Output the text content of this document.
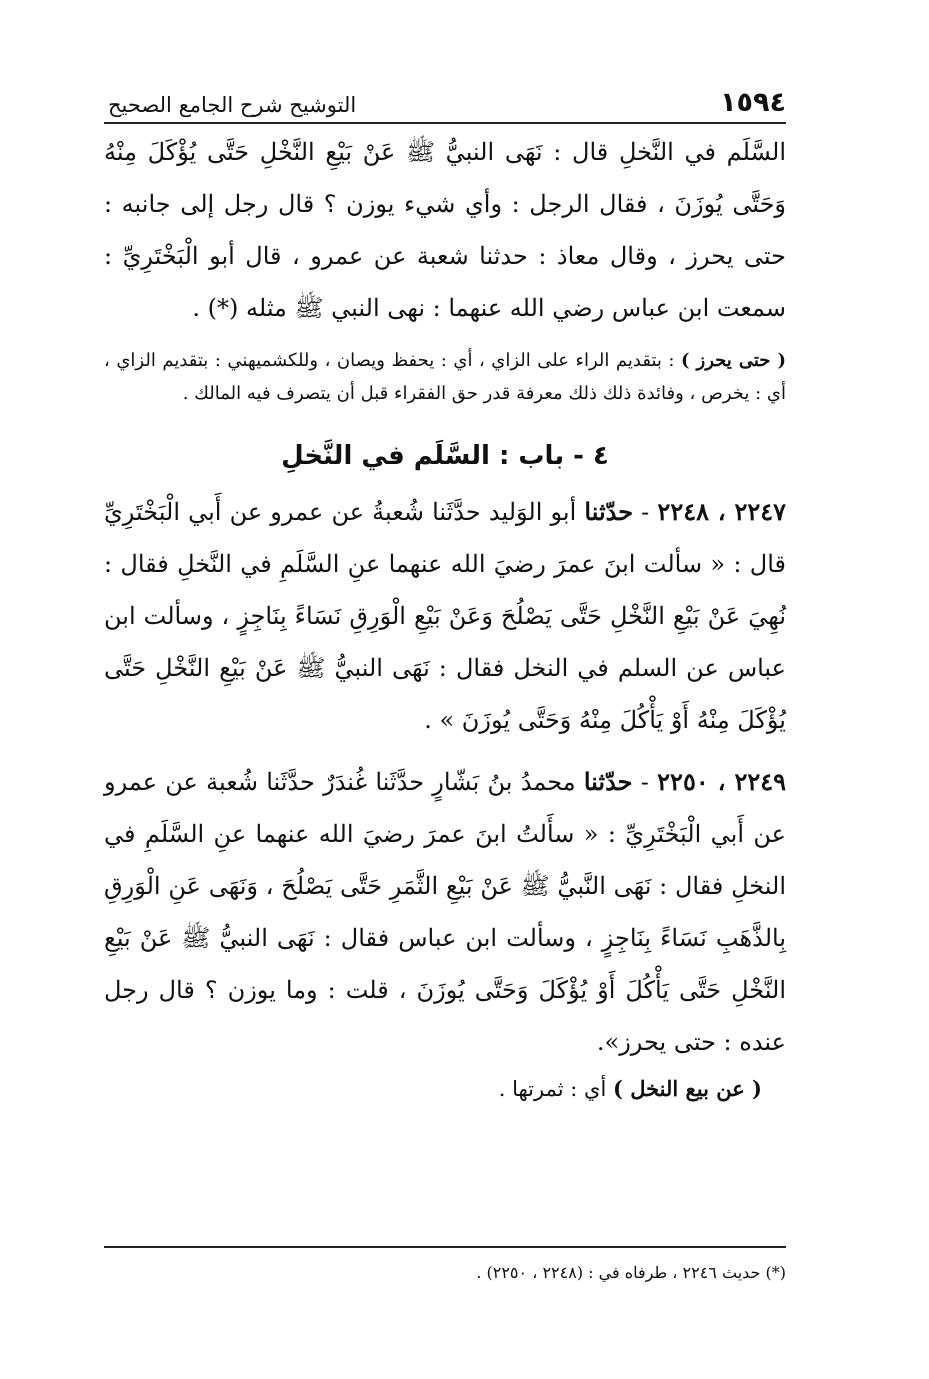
١٥٩٤
التوشيح شرح الجامع الصحيح

السَّلَم في النَّخلِ قال : نَهَى النبيُّ ﷺ عَنْ بَيْعِ النَّخْلِ حَتَّى يُؤْكَلَ مِنْهُ وَحَتَّى يُوزَنَ ، فقال الرجل : وأي شيء يوزن ؟ قال رجل إلى جانبه : حتى يحرز ، وقال معاذ : حدثنا شعبة عن عمرو ، قال أبو الْبَخْتَرِيِّ : سمعت ابن عباس رضي الله عنهما : نهى النبي ﷺ مثله (*) .

( حتى يحرز ) : بتقديم الراء على الزاي ، أي : يحفظ ويصان ، وللكشميهني : بتقديم الزاي ، أي : يخرص ، وفائدة ذلك ذلك معرفة قدر حق الفقراء قبل أن يتصرف فيه المالك .

٤ - باب : السَّلَم في النَّخلِ

٢٢٤٧ ، ٢٢٤٨ - حدّثنا أبو الوَليد حدَّثَنا شُعبةُ عن عمرو عن أَبي الْبَخْتَرِيِّ قال : « سألت ابنَ عمرَ رضيَ الله عنهما عنِ السَّلَمِ في النَّخلِ فقال : نُهِيَ عَنْ بَيْعِ النَّخْلِ حَتَّى يَصْلُحَ وَعَنْ بَيْعِ الْوَرِقِ نَسَاءً بِنَاجِزٍ ، وسألت ابن عباس عن السلم في النخل فقال : نَهَى النبيُّ ﷺ عَنْ بَيْعِ النَّخْلِ حَتَّى يُؤْكَلَ مِنْهُ أَوْ يَأْكُلَ مِنْهُ وَحَتَّى يُوزَنَ » .

٢٢٤٩ ، ٢٢٥٠ - حدّثنا محمدُ بنُ بَشّارٍ حدَّثَنا غُندَرٌ حدَّثَنا شُعبة عن عمرو عن أَبي الْبَخْتَرِيِّ : « سأَلتُ ابنَ عمرَ رضيَ الله عنهما عنِ السَّلَمِ في النخلِ فقال : نَهَى النَّبيُّ ﷺ عَنْ بَيْعِ الثَّمَرِ حَتَّى يَصْلُحَ ، وَنَهَى عَنِ الْوَرِقِ بِالذَّهَبِ نَسَاءً بِنَاجِزٍ ، وسألت ابن عباس فقال : نَهَى النبيُّ ﷺ عَنْ بَيْعِ النَّخْلِ حَتَّى يَأْكُلَ أَوْ يُؤْكَلَ وَحَتَّى يُوزَنَ ، قلت : وما يوزن ؟ قال رجل عنده : حتى يحرز».

( عن بيع النخل ) أي : ثمرتها .

(*) حديث ٢٢٤٦ ، طرفاه في : (٢٢٤٨ ، ٢٢٥٠) .
